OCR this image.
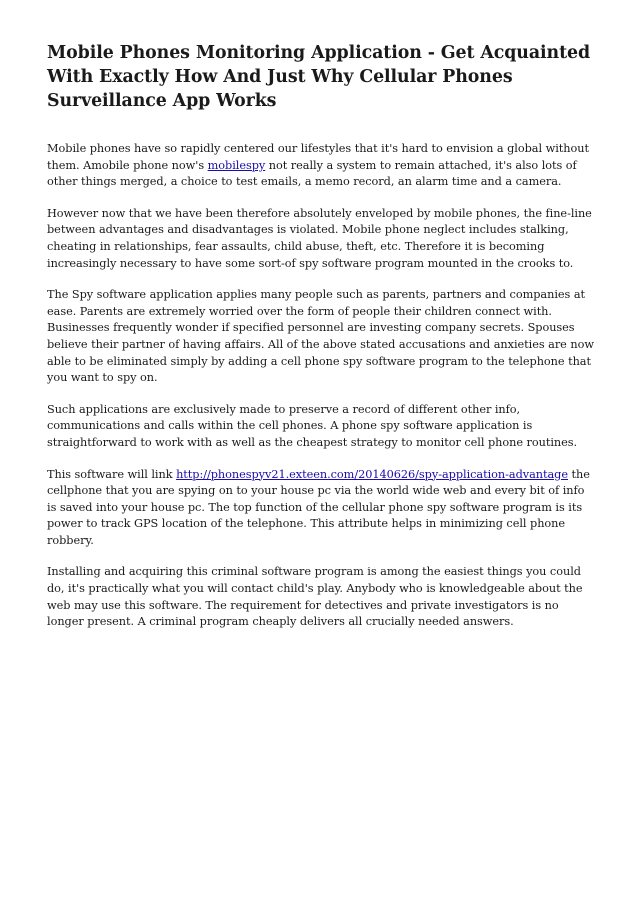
Mobile Phones Monitoring Application - Get Acquainted With Exactly How And Just Why Cellular Phones Surveillance App Works

Mobile phones have so rapidly centered our lifestyles that it's hard to envision a global without them. Amobile phone now's mobilespy not really a system to remain attached, it's also lots of other things merged, a choice to test emails, a memo record, an alarm time and a camera.

However now that we have been therefore absolutely enveloped by mobile phones, the fine-line between advantages and disadvantages is violated. Mobile phone neglect includes stalking, cheating in relationships, fear assaults, child abuse, theft, etc. Therefore it is becoming increasingly necessary to have some sort-of spy software program mounted in the crooks to.

The Spy software application applies many people such as parents, partners and companies at ease. Parents are extremely worried over the form of people their children connect with. Businesses frequently wonder if specified personnel are investing company secrets. Spouses believe their partner of having affairs. All of the above stated accusations and anxieties are now able to be eliminated simply by adding a cell phone spy software program to the telephone that you want to spy on.

Such applications are exclusively made to preserve a record of different other info, communications and calls within the cell phones. A phone spy software application is straightforward to work with as well as the cheapest strategy to monitor cell phone routines.

This software will link http://phonespyv21.exteen.com/20140626/spy-application-advantage the cellphone that you are spying on to your house pc via the world wide web and every bit of info is saved into your house pc. The top function of the cellular phone spy software program is its power to track GPS location of the telephone. This attribute helps in minimizing cell phone robbery.

Installing and acquiring this criminal software program is among the easiest things you could do, it's practically what you will contact child's play. Anybody who is knowledgeable about the web may use this software. The requirement for detectives and private investigators is no longer present. A criminal program cheaply delivers all crucially needed answers.
